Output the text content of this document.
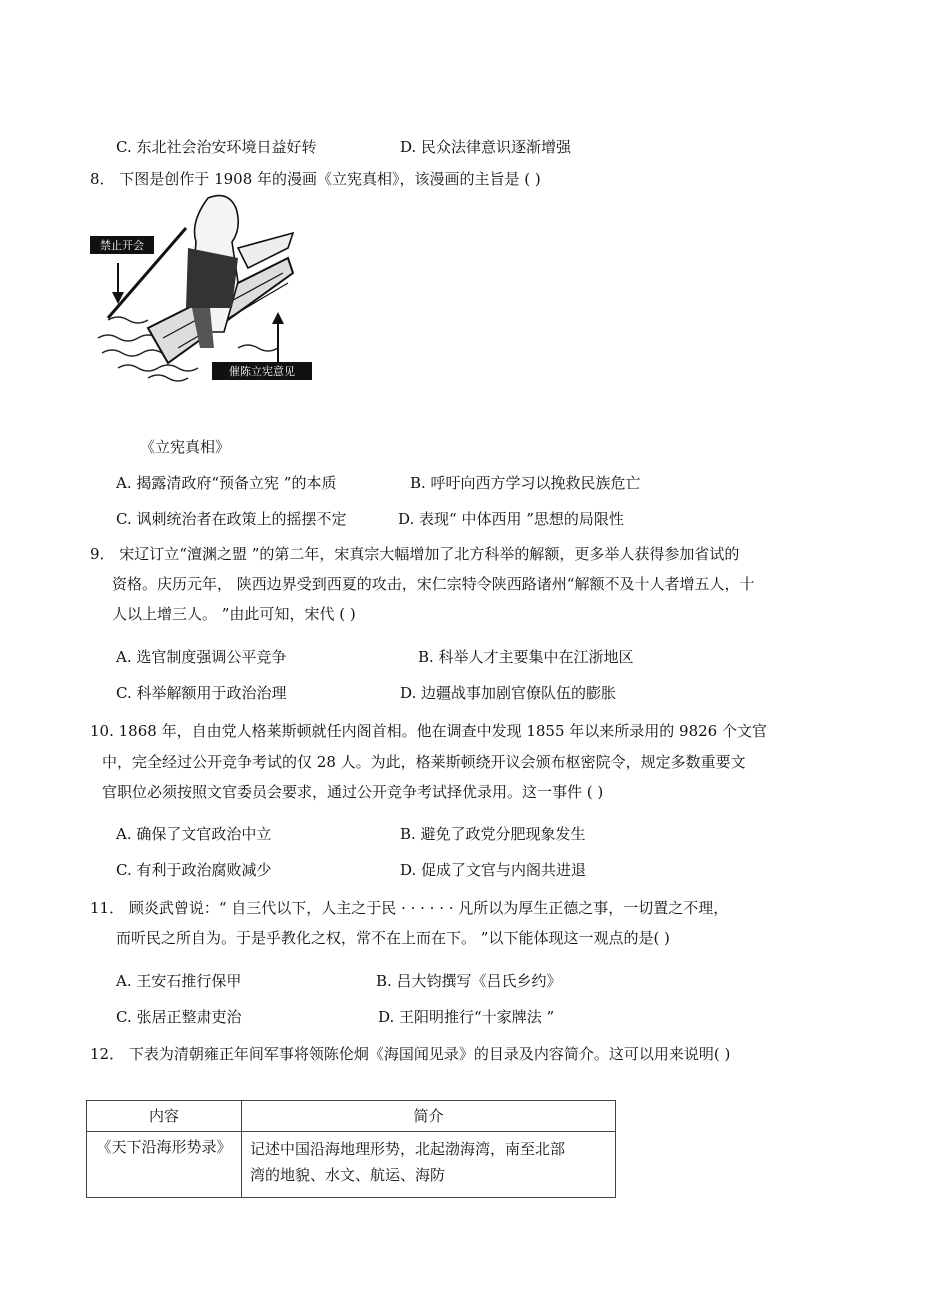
C. 东北社会治安环境日益好转	D. 民众法律意识逐渐增强
8． 下图是创作于 1908 年的漫画《立宪真相》，该漫画的主旨是 ( )
禁止开会
催陈立宪意见
《立宪真相》
A. 揭露清政府“预备立宪 ”的本质	B. 呼吁向西方学习以挽救民族危亡
C. 讽刺统治者在政策上的摇摆不定	D. 表现“ 中体西用 ”思想的局限性
9． 宋辽订立“澶渊之盟 ”的第二年，宋真宗大幅增加了北方科举的解额，更多举人获得参加省试的
资格。庆历元年， 陕西边界受到西夏的攻击，宋仁宗特令陕西路诸州“解额不及十人者增五人，十
人以上增三人。 ”由此可知，宋代 ( )
A. 选官制度强调公平竞争	B. 科举人才主要集中在江浙地区
C. 科举解额用于政治治理	D. 边疆战事加剧官僚队伍的膨胀
10. 1868 年，自由党人格莱斯顿就任内阁首相。他在调查中发现 1855 年以来所录用的 9826 个文官
中，完全经过公开竞争考试的仅 28 人。为此，格莱斯顿绕开议会颁布枢密院令，规定多数重要文
官职位必须按照文官委员会要求，通过公开竞争考试择优录用。这一事件 ( )
A. 确保了文官政治中立	B. 避免了政党分肥现象发生
C. 有利于政治腐败减少	D. 促成了文官与内阁共进退
11． 顾炎武曾说：“ 自三代以下，人主之于民 · · · · · · 凡所以为厚生正德之事，一切置之不理，
而听民之所自为。于是乎教化之权，常不在上而在下。 ”以下能体现这一观点的是( )
A. 王安石推行保甲	B. 吕大钧撰写《吕氏乡约》
C. 张居正整肃吏治	D. 王阳明推行“十家牌法 ”
12． 下表为清朝雍正年间军事将领陈伦炯《海国闻见录》的目录及内容简介。这可以用来说明( )
内容	简介
《天下沿海形势录》	记述中国沿海地理形势，北起渤海湾，南至北部
湾的地貌、水文、航运、海防
